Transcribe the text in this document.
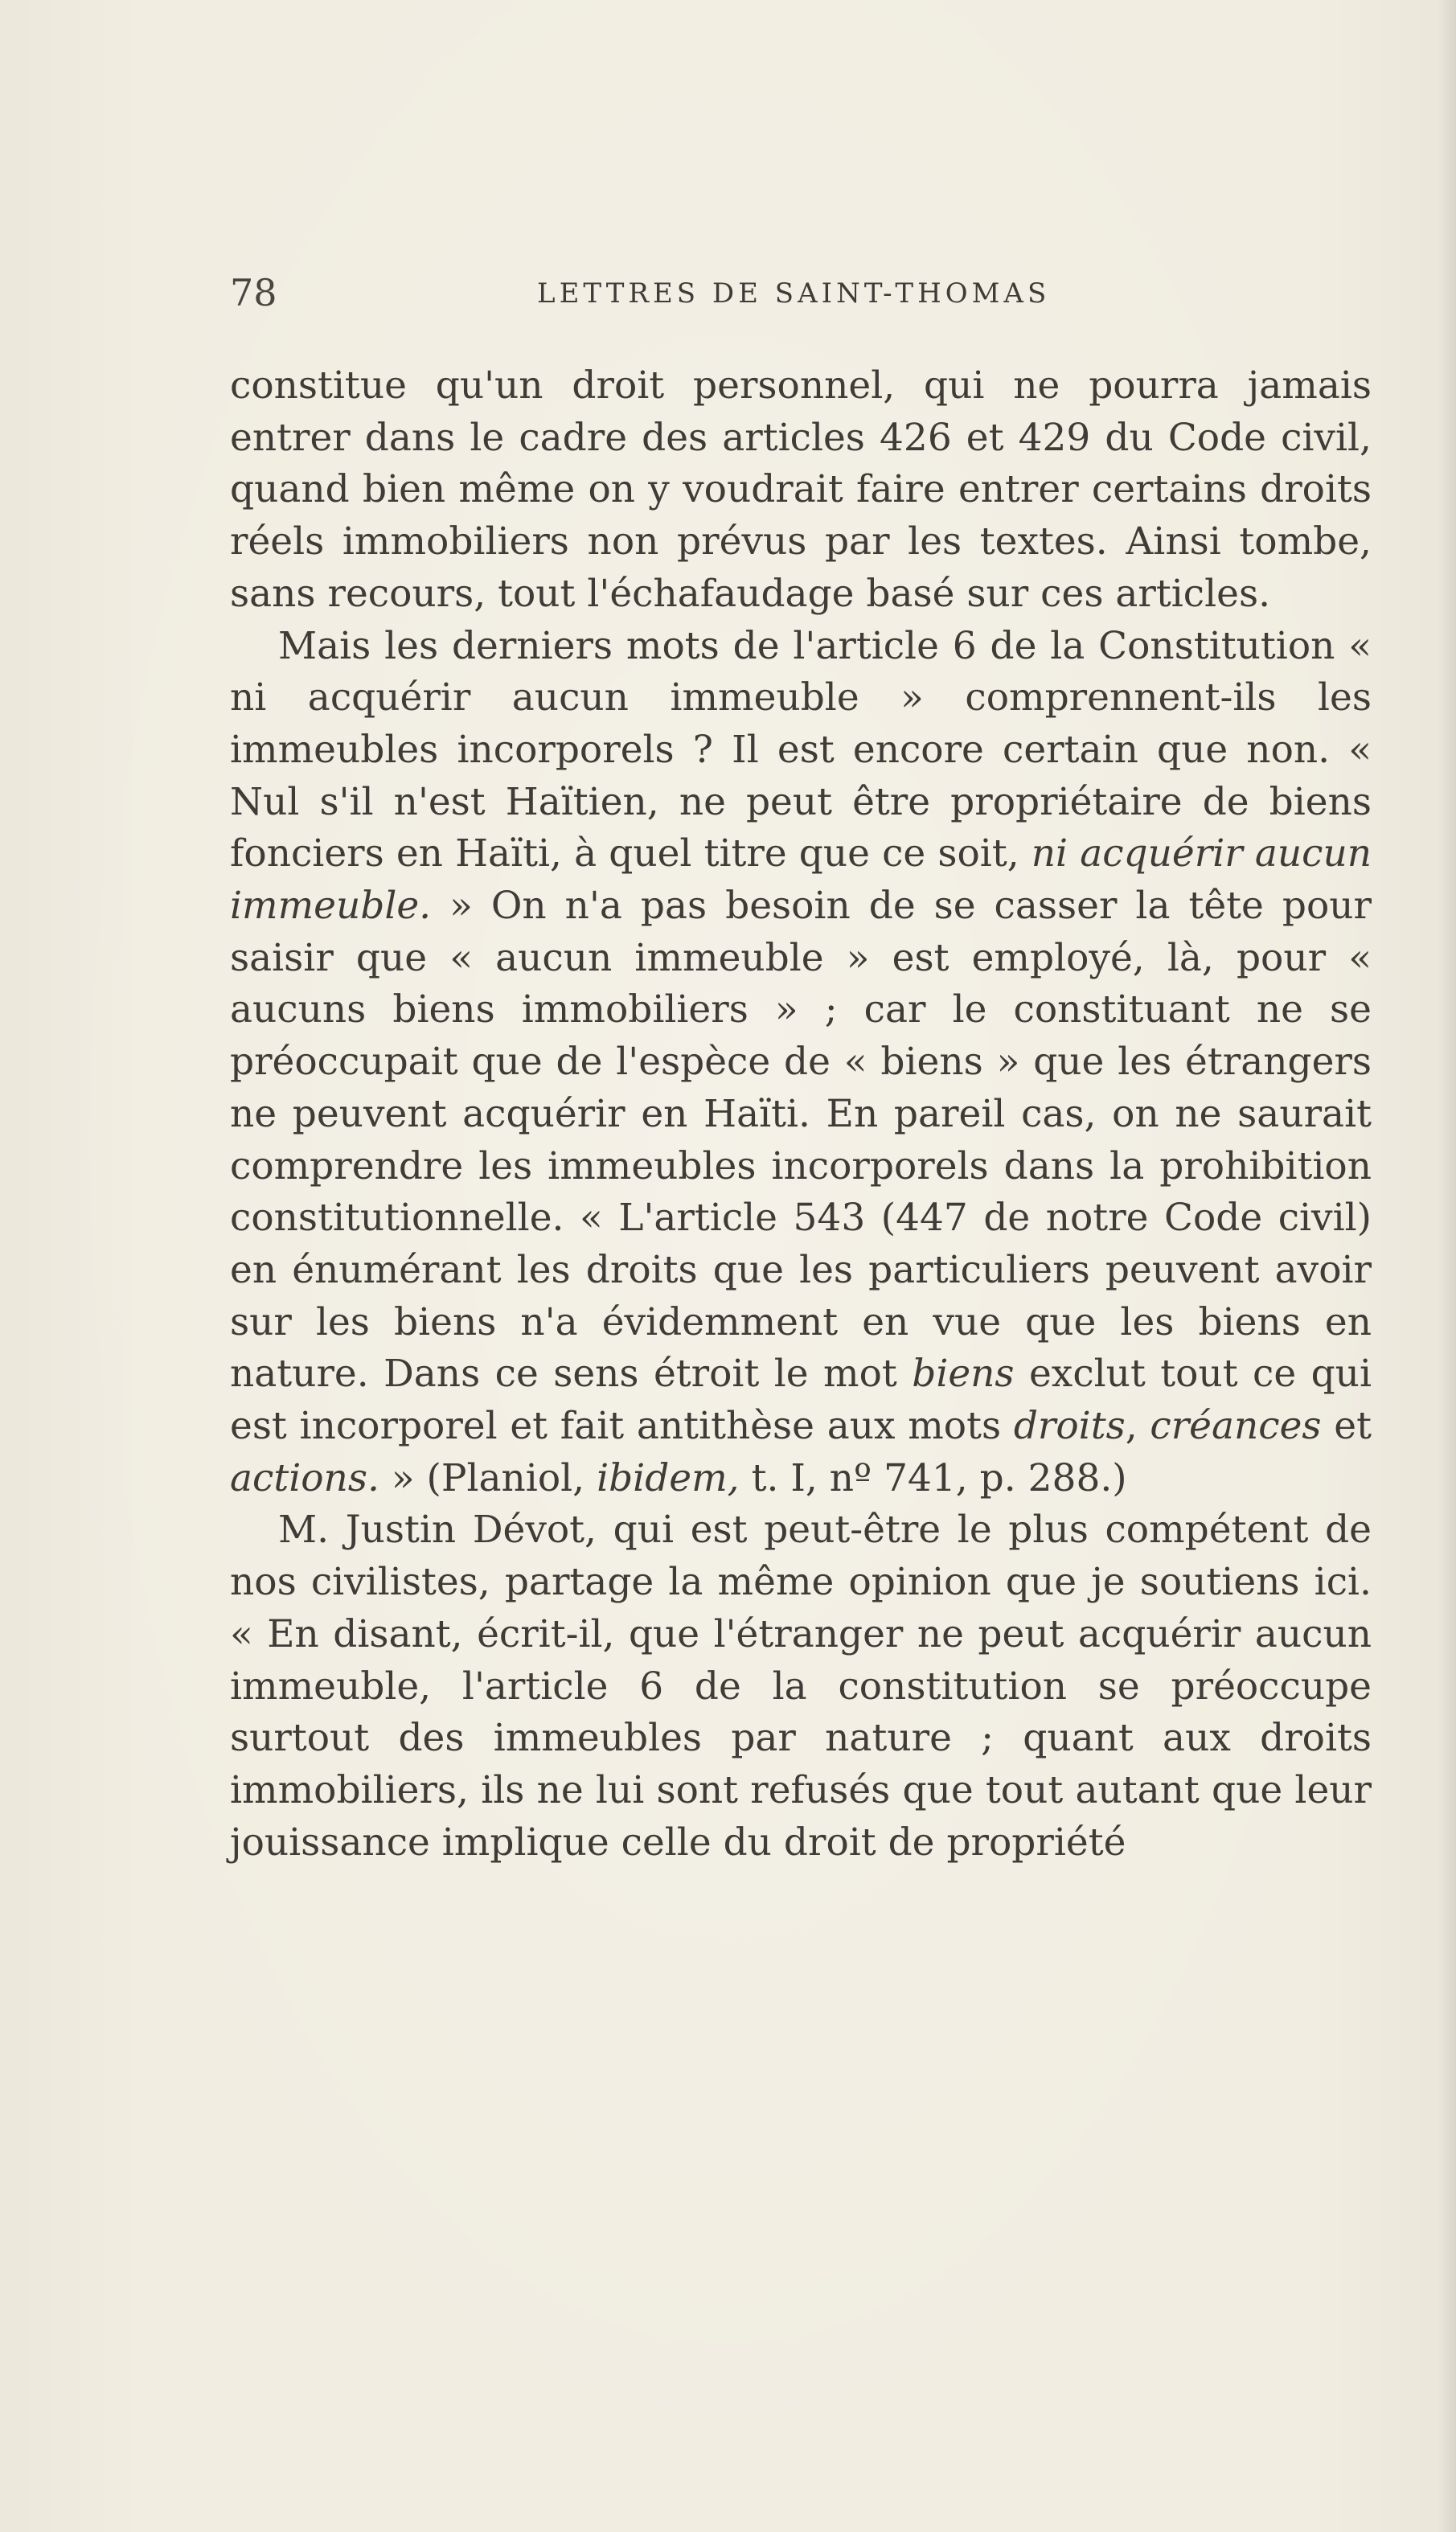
78	LETTRES DE SAINT-THOMAS

constitue qu'un droit personnel, qui ne pourra jamais entrer dans le cadre des articles 426 et 429 du Code civil, quand bien même on y voudrait faire entrer certains droits réels immobiliers non prévus par les textes. Ainsi tombe, sans recours, tout l'échafaudage basé sur ces articles.

Mais les derniers mots de l'article 6 de la Constitution « ni acquérir aucun immeuble » comprennent-ils les immeubles incorporels ? Il est encore certain que non. « Nul s'il n'est Haïtien, ne peut être propriétaire de biens fonciers en Haïti, à quel titre que ce soit, ni acquérir aucun immeuble. » On n'a pas besoin de se casser la tête pour saisir que « aucun immeuble » est employé, là, pour « aucuns biens immobiliers » ; car le constituant ne se préoccupait que de l'espèce de « biens » que les étrangers ne peuvent acquérir en Haïti. En pareil cas, on ne saurait comprendre les immeubles incorporels dans la prohibition constitutionnelle. « L'article 543 (447 de notre Code civil) en énumérant les droits que les particuliers peuvent avoir sur les biens n'a évidemment en vue que les biens en nature. Dans ce sens étroit le mot biens exclut tout ce qui est incorporel et fait antithèse aux mots droits, créances et actions. » (Planiol, ibidem, t. I, nº 741, p. 288.)

M. Justin Dévot, qui est peut-être le plus compétent de nos civilistes, partage la même opinion que je soutiens ici. « En disant, écrit-il, que l'étranger ne peut acquérir aucun immeuble, l'article 6 de la constitution se préoccupe surtout des immeubles par nature ; quant aux droits immobiliers, ils ne lui sont refusés que tout autant que leur jouissance implique celle du droit de propriété
